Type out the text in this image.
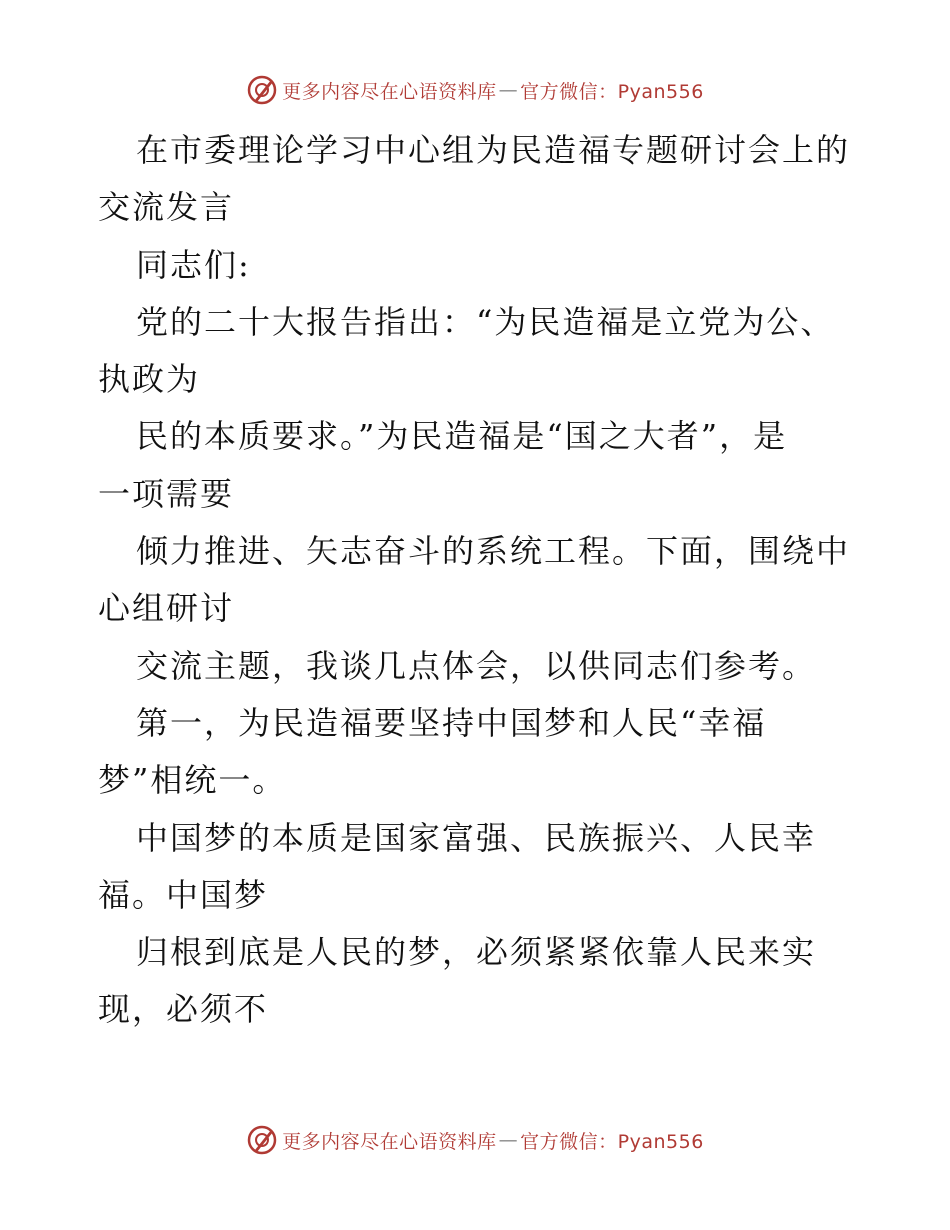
更多内容尽在心语资料库 — 官方微信：Pyan556
在市委理论学习中心组为民造福专题研讨会上的
交流发言
同志们:
党的二十大报告指出：“为民造福是立党为公、
执政为
民的本质要求。”为民造福是“国之大者”，是
一项需要
倾力推进、矢志奋斗的系统工程。下面，围绕中
心组研讨
交流主题，我谈几点体会，以供同志们参考。
第一，为民造福要坚持中国梦和人民“幸福
梦”相统一。
中国梦的本质是国家富强、民族振兴、人民幸
福。中国梦
归根到底是人民的梦，必须紧紧依靠人民来实
现，必须不
更多内容尽在心语资料库 — 官方微信：Pyan556
